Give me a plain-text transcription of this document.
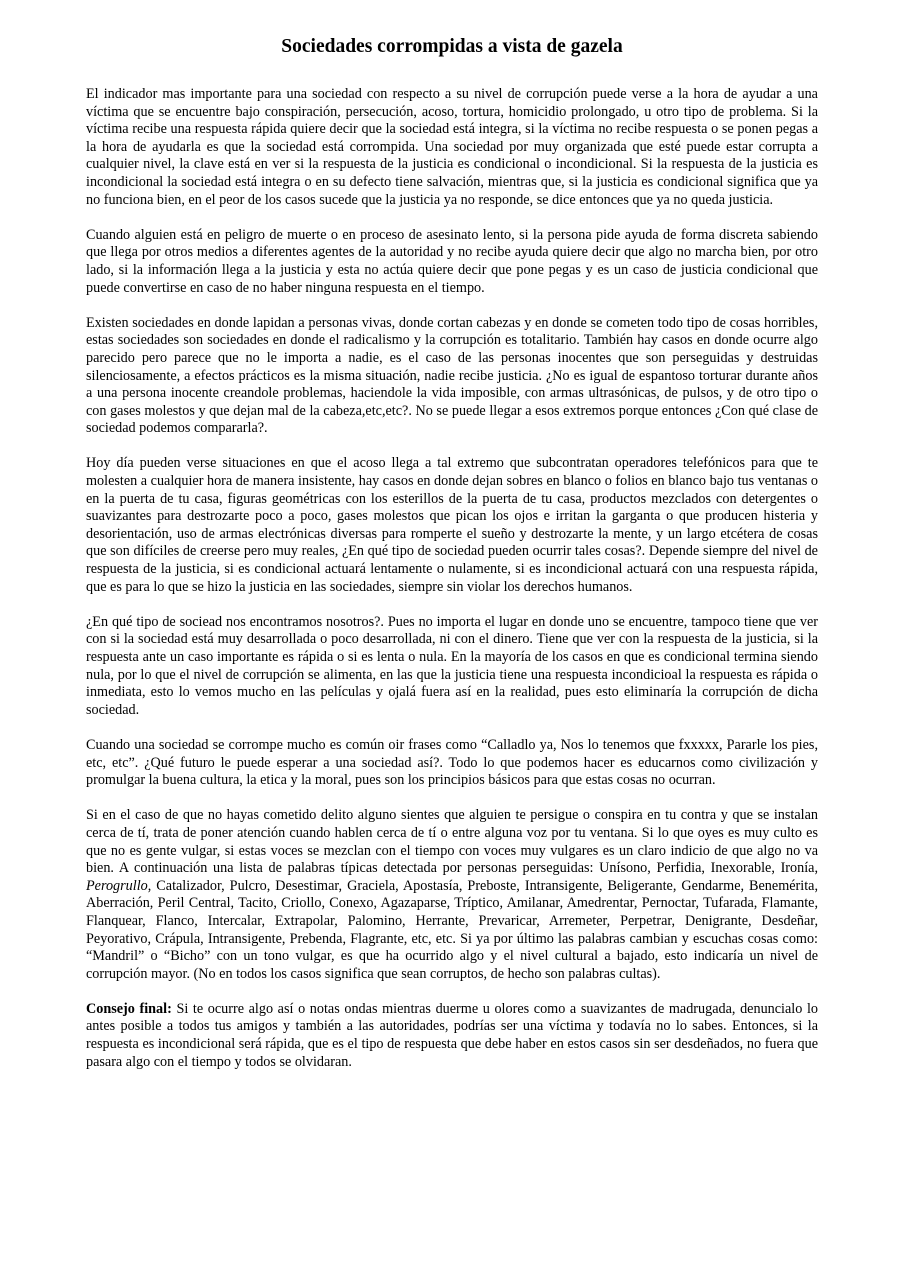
Sociedades corrompidas a vista de gazela

El indicador mas importante para una sociedad con respecto a su nivel de corrupción puede verse a la hora de ayudar a una víctima que se encuentre bajo conspiración, persecución, acoso, tortura, homicidio prolongado, u otro tipo de problema. Si la víctima recibe una respuesta rápida quiere decir que la sociedad está integra, si la víctima no recibe respuesta o se ponen pegas a la hora de ayudarla es que la sociedad está corrompida. Una sociedad por muy organizada que esté puede estar corrupta a cualquier nivel, la clave está en ver si la respuesta de la justicia es condicional o incondicional. Si la respuesta de la justicia es incondicional la sociedad está integra o en su defecto tiene salvación, mientras que, si la justicia es condicional significa que ya no funciona bien, en el peor de los casos sucede que la justicia ya no responde, se dice entonces que ya no queda justicia.

Cuando alguien está en peligro de muerte o en proceso de asesinato lento, si la persona pide ayuda de forma discreta sabiendo que llega por otros medios a diferentes agentes de la autoridad y no recibe ayuda quiere decir que algo no marcha bien, por otro lado, si la información llega a la justicia y esta no actúa quiere decir que pone pegas y es un caso de justicia condicional que puede convertirse en caso de no haber ninguna respuesta en el tiempo.

Existen sociedades en donde lapidan a personas vivas, donde cortan cabezas y en donde se cometen todo tipo de cosas horribles, estas sociedades son sociedades en donde el radicalismo y la corrupción es totalitario. También hay casos en donde ocurre algo parecido pero parece que no le importa a nadie, es el caso de las personas inocentes que son perseguidas y destruidas silenciosamente, a efectos prácticos es la misma situación, nadie recibe justicia. ¿No es igual de espantoso torturar durante años a una persona inocente creandole problemas, haciendole la vida imposible, con armas ultrasónicas, de pulsos, y de otro tipo o con gases molestos y que dejan mal de la cabeza,etc,etc?. No se puede llegar a esos extremos porque entonces ¿Con qué clase de sociedad podemos compararla?.

Hoy día pueden verse situaciones en que el acoso llega a tal extremo que subcontratan operadores telefónicos para que te molesten a cualquier hora de manera insistente, hay casos en donde dejan sobres en blanco o folios en blanco bajo tus ventanas o en la puerta de tu casa, figuras geométricas con los esterillos de la puerta de tu casa, productos mezclados con detergentes o suavizantes para destrozarte poco a poco, gases molestos que pican los ojos e irritan la garganta o que producen histeria y desorientación, uso de armas electrónicas diversas para romperte el sueño y destrozarte la mente, y un largo etcétera de cosas que son difíciles de creerse pero muy reales, ¿En qué tipo de sociedad pueden ocurrir tales cosas?. Depende siempre del nivel de respuesta de la justicia, si es condicional actuará lentamente o nulamente, si es incondicional actuará con una respuesta rápida, que es para lo que se hizo la justicia en las sociedades, siempre sin violar los derechos humanos.

¿En qué tipo de sociead nos encontramos nosotros?. Pues no importa el lugar en donde uno se encuentre, tampoco tiene que ver con si la sociedad está muy desarrollada o poco desarrollada, ni con el dinero. Tiene que ver con la respuesta de la justicia, si la respuesta ante un caso importante es rápida o si es lenta o nula. En la mayoría de los casos en que es condicional termina siendo nula, por lo que el nivel de corrupción se alimenta, en las que la justicia tiene una respuesta incondicioal la respuesta es rápida o inmediata, esto lo vemos mucho en las películas y ojalá fuera así en la realidad, pues esto eliminaría la corrupción de dicha sociedad.

Cuando una sociedad se corrompe mucho es común oir frases como “Calladlo ya, Nos lo tenemos que fxxxxx, Pararle los pies, etc, etc”. ¿Qué futuro le puede esperar a una sociedad así?. Todo lo que podemos hacer es educarnos como civilización y promulgar la buena cultura, la etica y la moral, pues son los principios básicos para que estas cosas no ocurran.

Si en el caso de que no hayas cometido delito alguno sientes que alguien te persigue o conspira en tu contra y que se instalan cerca de tí, trata de poner atención cuando hablen cerca de tí o entre alguna voz por tu ventana. Si lo que oyes es muy culto es que no es gente vulgar, si estas voces se mezclan con el tiempo con voces muy vulgares es un claro indicio de que algo no va bien. A continuación una lista de palabras típicas detectada por personas perseguidas: Unísono, Perfidia, Inexorable, Ironía, Perogrullo, Catalizador, Pulcro, Desestimar, Graciela, Apostasía, Preboste, Intransigente, Beligerante, Gendarme, Benemérita, Aberración, Peril Central, Tacito, Criollo, Conexo, Agazaparse, Tríptico, Amilanar, Amedrentar, Pernoctar, Tufarada, Flamante, Flanquear, Flanco, Intercalar, Extrapolar, Palomino, Herrante, Prevaricar, Arremeter, Perpetrar, Denigrante, Desdeñar, Peyorativo, Crápula, Intransigente, Prebenda, Flagrante, etc, etc. Si ya por último las palabras cambian y escuchas cosas como: “Mandril” o “Bicho” con un tono vulgar, es que ha ocurrido algo y el nivel cultural a bajado, esto indicaría un nivel de corrupción mayor. (No en todos los casos significa que sean corruptos, de hecho son palabras cultas).

Consejo final: Si te ocurre algo así o notas ondas mientras duerme u olores como a suavizantes de madrugada, denuncialo lo antes posible a todos tus amigos y también a las autoridades, podrías ser una víctima y todavía no lo sabes. Entonces, si la respuesta es incondicional será rápida, que es el tipo de respuesta que debe haber en estos casos sin ser desdeñados, no fuera que pasara algo con el tiempo y todos se olvidaran.
